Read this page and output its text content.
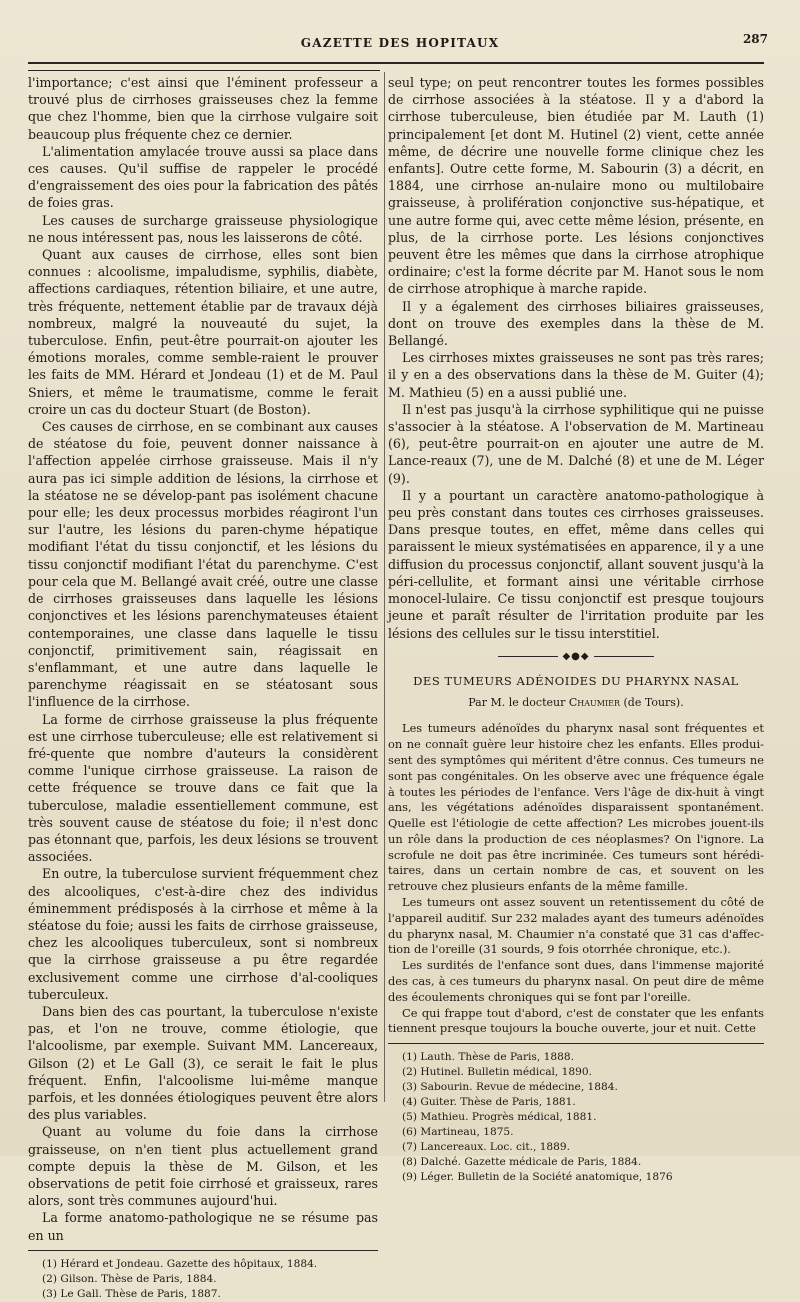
GAZETTE DES HOPITAUX	287

l'importance; c'est ainsi que l'éminent professeur a trouvé plus de cirrhoses graisseuses chez la femme que chez l'homme, bien que la cirrhose vulgaire soit beaucoup plus fréquente chez ce dernier.

L'alimentation amylacée trouve aussi sa place dans ces causes. Qu'il suffise de rappeler le procédé d'engraissement des oies pour la fabrication des pâtés de foies gras.

Les causes de surcharge graisseuse physiologique ne nous intéressent pas, nous les laisserons de côté.

Quant aux causes de cirrhose, elles sont bien connues : alcoolisme, impaludisme, syphilis, diabète, affections cardiaques, rétention biliaire, et une autre, très fréquente, nettement établie par de travaux déjà nombreux, malgré la nouveauté du sujet, la tuberculose. Enfin, peut-être pourrait-on ajouter les émotions morales, comme semble-raient le prouver les faits de MM. Hérard et Jondeau (1) et de M. Paul Sniers, et même le traumatisme, comme le ferait croire un cas du docteur Stuart (de Boston).

Ces causes de cirrhose, en se combinant aux causes de stéatose du foie, peuvent donner naissance à l'affection appelée cirrhose graisseuse. Mais il n'y aura pas ici simple addition de lésions, la cirrhose et la stéatose ne se dévelop-pant pas isolément chacune pour elle; les deux processus morbides réagiront l'un sur l'autre, les lésions du paren-chyme hépatique modifiant l'état du tissu conjonctif, et les lésions du tissu conjonctif modifiant l'état du parenchyme. C'est pour cela que M. Bellangé avait créé, outre une classe de cirrhoses graisseuses dans laquelle les lésions conjonctives et les lésions parenchymateuses étaient contemporaines, une classe dans laquelle le tissu conjonctif, primitivement sain, réagissait en s'enflammant, et une autre dans laquelle le parenchyme réagissait en se stéatosant sous l'influence de la cirrhose.

La forme de cirrhose graisseuse la plus fréquente est une cirrhose tuberculeuse; elle est relativement si fré-quente que nombre d'auteurs la considèrent comme l'unique cirrhose graisseuse. La raison de cette fréquence se trouve dans ce fait que la tuberculose, maladie essentiellement commune, est très souvent cause de stéatose du foie; il n'est donc pas étonnant que, parfois, les deux lésions se trouvent associées.

En outre, la tuberculose survient fréquemment chez des alcooliques, c'est-à-dire chez des individus éminemment prédisposés à la cirrhose et même à la stéatose du foie; aussi les faits de cirrhose graisseuse, chez les alcooliques tuberculeux, sont si nombreux que la cirrhose graisseuse a pu être regardée exclusivement comme une cirrhose d'al-cooliques tuberculeux.

Dans bien des cas pourtant, la tuberculose n'existe pas, et l'on ne trouve, comme étiologie, que l'alcoolisme, par exemple. Suivant MM. Lancereaux, Gilson (2) et Le Gall (3), ce serait le fait le plus fréquent. Enfin, l'alcoolisme lui-même manque parfois, et les données étiologiques peuvent être alors des plus variables.

Quant au volume du foie dans la cirrhose graisseuse, on n'en tient plus actuellement grand compte depuis la thèse de M. Gilson, et les observations de petit foie cirrhosé et graisseux, rares alors, sont très communes aujourd'hui.

La forme anatomo-pathologique ne se résume pas en un

(1) Hérard et Jondeau. Gazette des hôpitaux, 1884.
(2) Gilson. Thèse de Paris, 1884.
(3) Le Gall. Thèse de Paris, 1887.

seul type; on peut rencontrer toutes les formes possibles de cirrhose associées à la stéatose. Il y a d'abord la cirrhose tuberculeuse, bien étudiée par M. Lauth (1) principalement [et dont M. Hutinel (2) vient, cette année même, de décrire une nouvelle forme clinique chez les enfants]. Outre cette forme, M. Sabourin (3) a décrit, en 1884, une cirrhose an-nulaire mono ou multilobaire graisseuse, à prolifération conjonctive sus-hépatique, et une autre forme qui, avec cette même lésion, présente, en plus, de la cirrhose porte. Les lésions conjonctives peuvent être les mêmes que dans la cirrhose atrophique ordinaire; c'est la forme décrite par M. Hanot sous le nom de cirrhose atrophique à marche rapide.

Il y a également des cirrhoses biliaires graisseuses, dont on trouve des exemples dans la thèse de M. Bellangé.

Les cirrhoses mixtes graisseuses ne sont pas très rares; il y en a des observations dans la thèse de M. Guiter (4); M. Mathieu (5) en a aussi publié une.

Il n'est pas jusqu'à la cirrhose syphilitique qui ne puisse s'associer à la stéatose. A l'observation de M. Martineau (6), peut-être pourrait-on en ajouter une autre de M. Lance-reaux (7), une de M. Dalché (8) et une de M. Léger (9).

Il y a pourtant un caractère anatomo-pathologique à peu près constant dans toutes ces cirrhoses graisseuses. Dans presque toutes, en effet, même dans celles qui paraissent le mieux systématisées en apparence, il y a une diffusion du processus conjonctif, allant souvent jusqu'à la péri-cellulite, et formant ainsi une véritable cirrhose monocel-lulaire. Ce tissu conjonctif est presque toujours jeune et paraît résulter de l'irritation produite par les lésions des cellules sur le tissu interstitiel.

◆●◆
DES TUMEURS ADÉNOIDES DU PHARYNX NASAL
Par M. le docteur Chaumier (de Tours).

Les tumeurs adénoïdes du pharynx nasal sont fréquentes et on ne connaît guère leur histoire chez les enfants. Elles produi-sent des symptômes qui méritent d'être connus. Ces tumeurs ne sont pas congénitales. On les observe avec une fréquence égale à toutes les périodes de l'enfance. Vers l'âge de dix-huit à vingt ans, les végétations adénoïdes disparaissent spontanément. Quelle est l'étiologie de cette affection? Les microbes jouent-ils un rôle dans la production de ces néoplasmes? On l'ignore. La scrofule ne doit pas être incriminée. Ces tumeurs sont hérédi-taires, dans un certain nombre de cas, et souvent on les retrouve chez plusieurs enfants de la même famille.

Les tumeurs ont assez souvent un retentissement du côté de l'appareil auditif. Sur 232 malades ayant des tumeurs adénoïdes du pharynx nasal, M. Chaumier n'a constaté que 31 cas d'affec-tion de l'oreille (31 sourds, 9 fois otorrhée chronique, etc.).

Les surdités de l'enfance sont dues, dans l'immense majorité des cas, à ces tumeurs du pharynx nasal. On peut dire de même des écoulements chroniques qui se font par l'oreille.

Ce qui frappe tout d'abord, c'est de constater que les enfants tiennent presque toujours la bouche ouverte, jour et nuit. Cette

(1) Lauth. Thèse de Paris, 1888.
(2) Hutinel. Bulletin médical, 1890.
(3) Sabourin. Revue de médecine, 1884.
(4) Guiter. Thèse de Paris, 1881.
(5) Mathieu. Progrès médical, 1881.
(6) Martineau, 1875.
(7) Lancereaux. Loc. cit., 1889.
(8) Dalché. Gazette médicale de Paris, 1884.
(9) Léger. Bulletin de la Société anatomique, 1876
